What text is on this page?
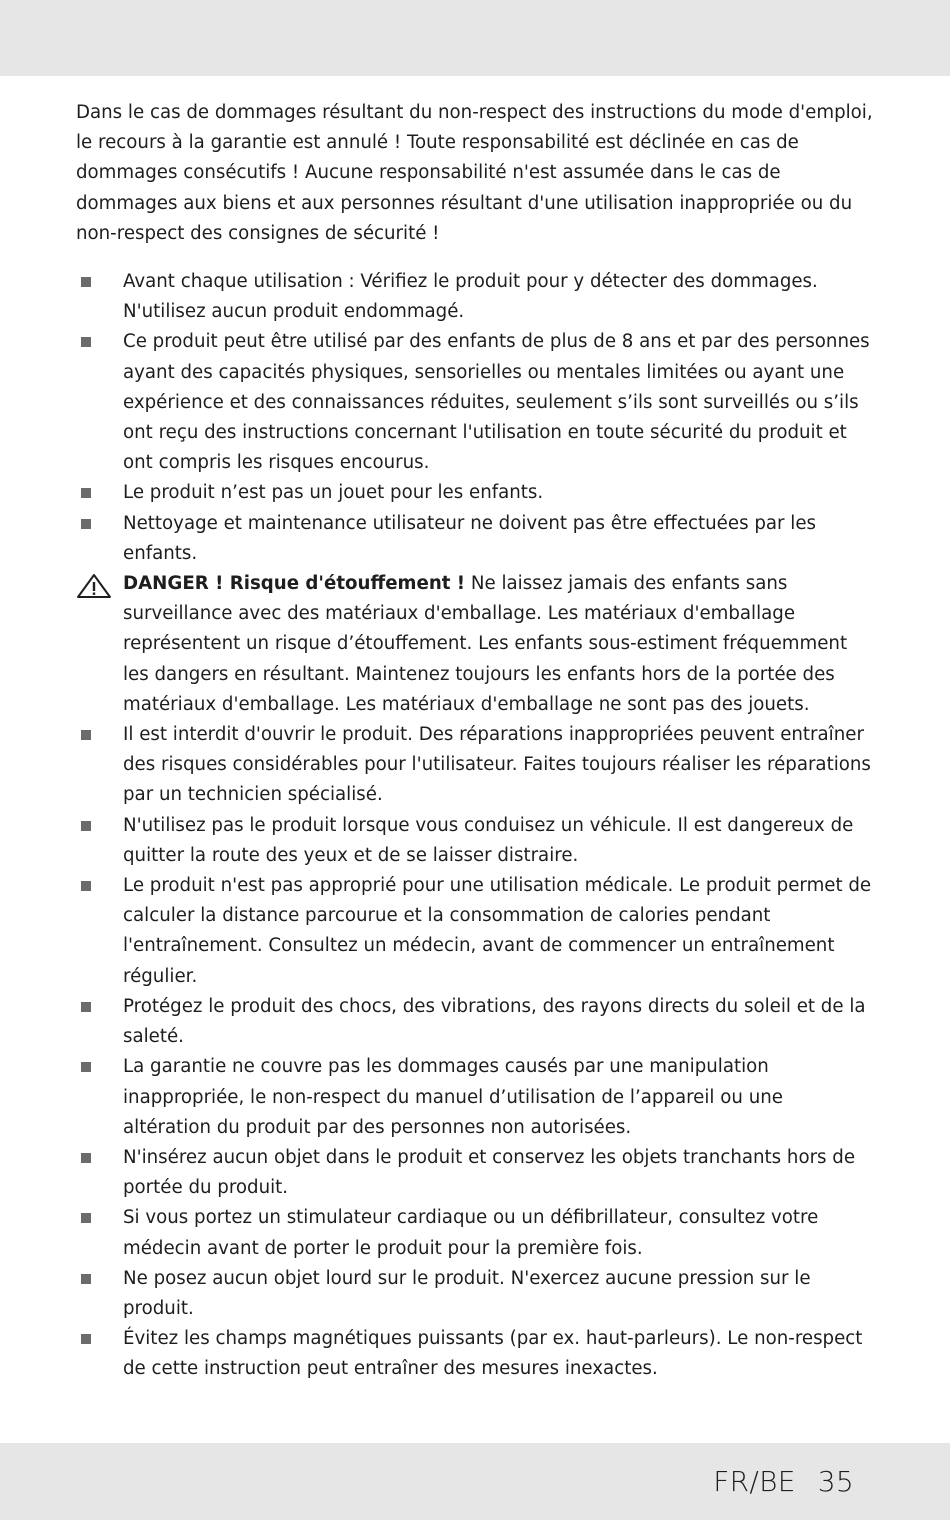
Dans le cas de dommages résultant du non-respect des instructions du mode d'emploi, le recours à la garantie est annulé ! Toute responsabilité est déclinée en cas de dommages consécutifs ! Aucune responsabilité n'est assumée dans le cas de dommages aux biens et aux personnes résultant d'une utilisation inappropriée ou du non-respect des consignes de sécurité !

Avant chaque utilisation : Vérifiez le produit pour y détecter des dommages. N'utilisez aucun produit endommagé.
Ce produit peut être utilisé par des enfants de plus de 8 ans et par des personnes ayant des capacités physiques, sensorielles ou mentales limitées ou ayant une expérience et des connaissances réduites, seulement s’ils sont surveillés ou s’ils ont reçu des instructions concernant l'utilisation en toute sécurité du produit et ont compris les risques encourus.
Le produit n’est pas un jouet pour les enfants.
Nettoyage et maintenance utilisateur ne doivent pas être effectuées par les enfants.
DANGER ! Risque d'étouffement ! Ne laissez jamais des enfants sans surveillance avec des matériaux d'emballage. Les matériaux d'emballage représentent un risque d’étouffement. Les enfants sous-estiment fréquemment les dangers en résultant. Maintenez toujours les enfants hors de la portée des matériaux d'emballage. Les matériaux d'emballage ne sont pas des jouets.
Il est interdit d'ouvrir le produit. Des réparations inappropriées peuvent entraîner des risques considérables pour l'utilisateur. Faites toujours réaliser les réparations par un technicien spécialisé.
N'utilisez pas le produit lorsque vous conduisez un véhicule. Il est dangereux de quitter la route des yeux et de se laisser distraire.
Le produit n'est pas approprié pour une utilisation médicale. Le produit permet de calculer la distance parcourue et la consommation de calories pendant l'entraînement. Consultez un médecin, avant de commencer un entraînement régulier.
Protégez le produit des chocs, des vibrations, des rayons directs du soleil et de la saleté.
La garantie ne couvre pas les dommages causés par une manipulation inappropriée, le non-respect du manuel d’utilisation de l’appareil ou une altération du produit par des personnes non autorisées.
N'insérez aucun objet dans le produit et conservez les objets tranchants hors de portée du produit.
Si vous portez un stimulateur cardiaque ou un défibrillateur, consultez votre médecin avant de porter le produit pour la première fois.
Ne posez aucun objet lourd sur le produit. N'exercez aucune pression sur le produit.
Évitez les champs magnétiques puissants (par ex. haut-parleurs). Le non-respect de cette instruction peut entraîner des mesures inexactes.
FR/BE 35
